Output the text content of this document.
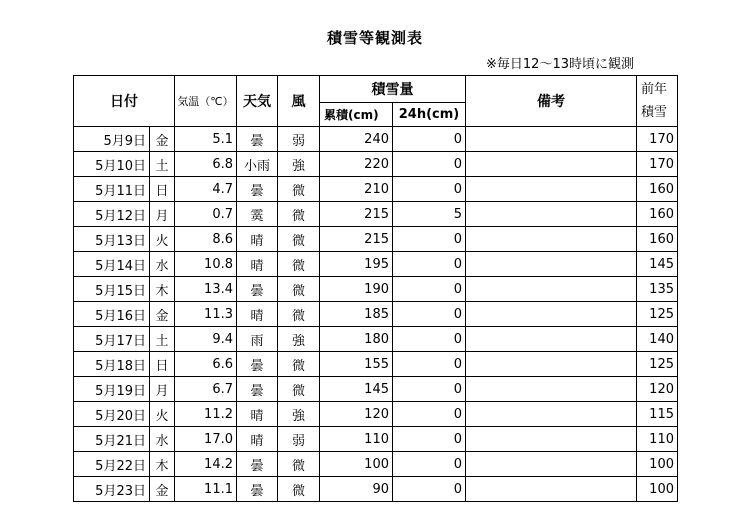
積雪等観測表
※毎日12～13時頃に観測
日付		気温（℃）	天気	風	積雪量		備考	前年
積雪

					累積(cm)	24h(cm)		
5月9日	金	5.1	曇	弱	240	0		170
5月10日	土	6.8	小雨	強	220	0		170
5月11日	日	4.7	曇	微	210	0		160
5月12日	月	0.7	霙	微	215	5		160
5月13日	火	8.6	晴	微	215	0		160
5月14日	水	10.8	晴	微	195	0		145
5月15日	木	13.4	曇	微	190	0		135
5月16日	金	11.3	晴	微	185	0		125
5月17日	土	9.4	雨	強	180	0		140
5月18日	日	6.6	曇	微	155	0		125
5月19日	月	6.7	曇	微	145	0		120
5月20日	火	11.2	晴	強	120	0		115
5月21日	水	17.0	晴	弱	110	0		110
5月22日	木	14.2	曇	微	100	0		100
5月23日	金	11.1	曇	微	90	0		100
